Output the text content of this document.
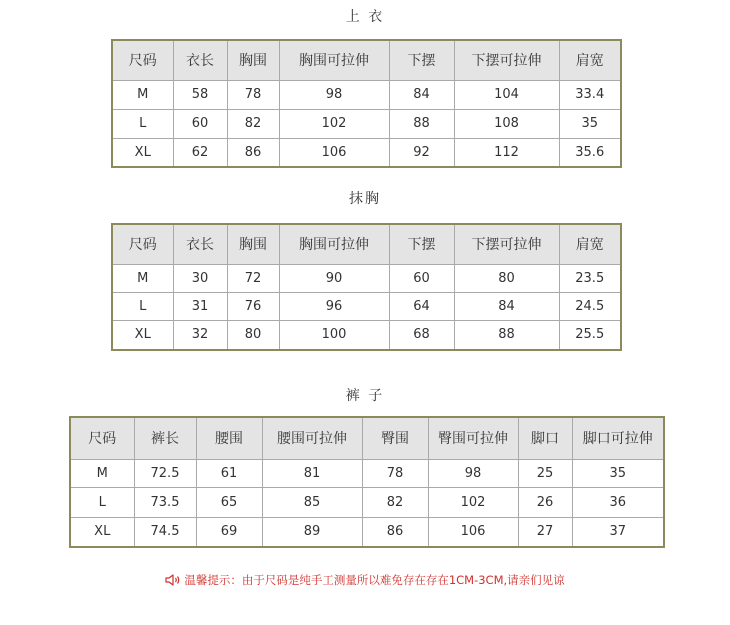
上 衣
尺码	衣长	胸围	胸围可拉伸	下摆	下摆可拉伸	肩宽
M	58	78	98	84	104	33.4
L	60	82	102	88	108	35
XL	62	86	106	92	112	35.6
抹胸
尺码	衣长	胸围	胸围可拉伸	下摆	下摆可拉伸	肩宽
M	30	72	90	60	80	23.5
L	31	76	96	64	84	24.5
XL	32	80	100	68	88	25.5
裤 子
尺码	裤长	腰围	腰围可拉伸	臀围	臀围可拉伸	脚口	脚口可拉伸
M	72.5	61	81	78	98	25	35
L	73.5	65	85	82	102	26	36
XL	74.5	69	89	86	106	27	37
温馨提示：由于尺码是纯手工测量所以难免存在存在1CM-3CM,请亲们见谅
